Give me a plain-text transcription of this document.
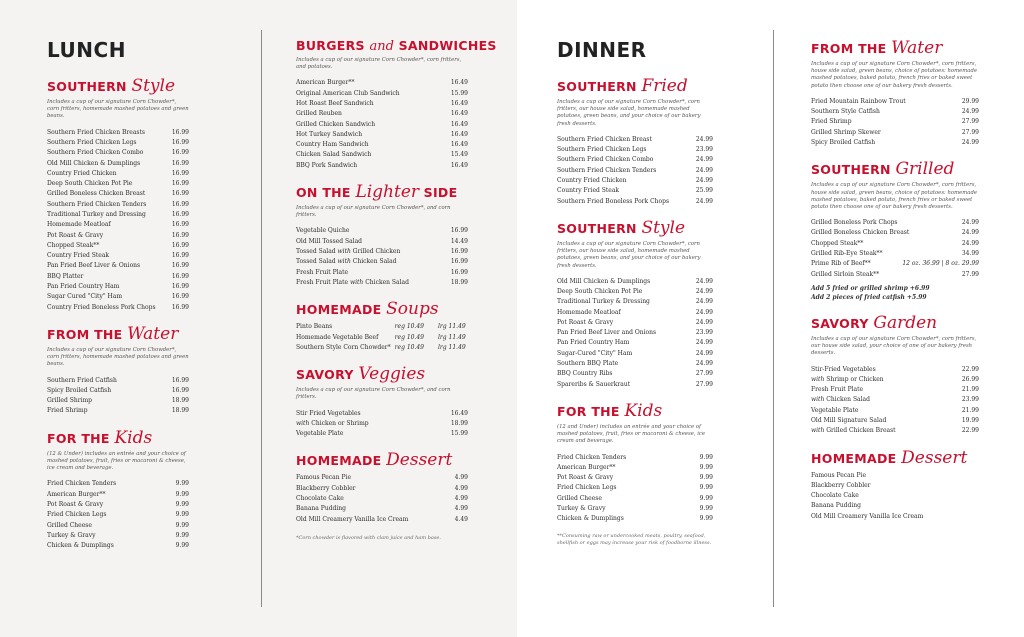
LUNCH
SOUTHERN Style
Includes a cup of our signature Corn Chowder*, corn fritters, homemade mashed potatoes and green beans.
Southern Fried Chicken Breasts	16.99
Southern Fried Chicken Legs	16.99
Southern Fried Chicken Combo	16.99
Old Mill Chicken & Dumplings	16.99
Country Fried Chicken	16.99
Deep South Chicken Pot Pie	16.99
Grilled Boneless Chicken Breast	16.99
Southern Fried Chicken Tenders	16.99
Traditional Turkey and Dressing	16.99
Homemade Meatloaf	16.99
Pot Roast & Gravy	16.99
Chopped Steak**	16.99
Country Fried Steak	16.99
Pan Fried Beef Liver & Onions	16.99
BBQ Platter	16.99
Pan Fried Country Ham	16.99
Sugar Cured "City" Ham	16.99
Country Fried Boneless Pork Chops	16.99
FROM THE Water
Includes a cup of our signature Corn Chowder*, corn fritters, homemade mashed potatoes and green beans.
Southern Fried Catfish	16.99
Spicy Broiled Catfish	16.99
Grilled Shrimp	18.99
Fried Shrimp	18.99
FOR THE Kids
(12 & Under) includes an entrée and your choice of mashed potatoes, fruit, fries or macaroni & cheese, ice cream and beverage.
Fried Chicken Tenders	9.99
American Burger**	9.99
Pot Roast & Gravy	9.99
Fried Chicken Legs	9.99
Grilled Cheese	9.99
Turkey & Gravy	9.99
Chicken & Dumplings	9.99
BURGERS and SANDWICHES
Includes a cup of our signature Corn Chowder*, corn fritters, and potatoes.
American Burger**	16.49
Original American Club Sandwich	15.99
Hot Roast Beef Sandwich	16.49
Grilled Reuben	16.49
Grilled Chicken Sandwich	16.49
Hot Turkey Sandwich	16.49
Country Ham Sandwich	16.49
Chicken Salad Sandwich	15.49
BBQ Pork Sandwich	16.49
ON THE Lighter SIDE
Includes a cup of our signature Corn Chowder*, and corn fritters.
Vegetable Quiche	16.99
Old Mill Tossed Salad	14.49
Tossed Salad with Grilled Chicken	16.99
Tossed Salad with Chicken Salad	16.99
Fresh Fruit Plate	16.99
Fresh Fruit Plate with Chicken Salad	18.99
HOMEMADE Soups
Pinto Beans	reg 10.49 lrg 11.49
Homemade Vegetable Beef	reg 10.49 lrg 11.49
Southern Style Corn Chowder* reg 10.49 lrg 11.49
SAVORY Veggies
Includes a cup of our signature Corn Chowder*, and corn fritters.
Stir Fried Vegetables	16.49
with Chicken or Shrimp	18.99
Vegetable Plate	15.99
HOMEMADE Dessert
Famous Pecan Pie	4.99
Blackberry Cobbler	4.99
Chocolate Cake	4.99
Banana Pudding	4.99
Old Mill Creamery Vanilla Ice Cream	4.49
*Corn chowder is flavored with clam juice and ham base.
DINNER
SOUTHERN Fried
Includes a cup of our signature Corn Chowder*, corn fritters, our house side salad, homemade mashed potatoes, green beans, and your choice of our bakery fresh desserts.
Southern Fried Chicken Breast	24.99
Southern Fried Chicken Legs	23.99
Southern Fried Chicken Combo	24.99
Southern Fried Chicken Tenders	24.99
Country Fried Chicken	24.99
Country Fried Steak	25.99
Southern Fried Boneless Pork Chops	24.99
SOUTHERN Style
Includes a cup of our signature Corn Chowder*, corn fritters, our house side salad, homemade mashed potatoes, green beans, and your choice of our bakery fresh desserts.
Old Mill Chicken & Dumplings	24.99
Deep South Chicken Pot Pie	24.99
Traditional Turkey & Dressing	24.99
Homemade Meatloaf	24.99
Pot Roast & Gravy	24.99
Pan Fried Beef Liver and Onions	23.99
Pan Fried Country Ham	24.99
Sugar-Cured "City" Ham	24.99
Southern BBQ Plate	24.99
BBQ Country Ribs	27.99
Spareribs & Sauerkraut	27.99
FOR THE Kids
(12 and Under) includes an entrée and your choice of mashed potatoes, fruit, fries or macaroni & cheese, ice cream and beverage.
Fried Chicken Tenders	9.99
American Burger**	9.99
Pot Roast & Gravy	9.99
Fried Chicken Legs	9.99
Grilled Cheese	9.99
Turkey & Gravy	9.99
Chicken & Dumplings	9.99
**Consuming raw or undercooked meats, poultry, seafood, shellfish or eggs may increase your risk of foodborne illness.
FROM THE Water
Includes a cup of our signature Corn Chowder*, corn fritters, house side salad, green beans, choice of potatoes: homemade mashed potatoes, baked potato, french fries or baked sweet potato then choose one of our bakery fresh desserts.
Fried Mountain Rainbow Trout	29.99
Southern Style Catfish	24.99
Fried Shrimp	27.99
Grilled Shrimp Skewer	27.99
Spicy Broiled Catfish	24.99
SOUTHERN Grilled
Includes a cup of our signature Corn Chowder*, corn fritters, house side salad, green beans, choice of potatoes: homemade mashed potatoes, baked potato, french fries or baked sweet potato then choose one of our bakery fresh desserts.
Grilled Boneless Pork Chops	24.99
Grilled Boneless Chicken Breast	24.99
Chopped Steak**	24.99
Grilled Rib-Eye Steak**	34.99
Prime Rib of Beef**	12 oz. 36.99 | 8 oz. 29.99
Grilled Sirloin Steak**	27.99
Add 5 fried or grilled shrimp +6.99
Add 2 pieces of fried catfish +5.99
SAVORY Garden
Includes a cup of our signature Corn Chowder*, corn fritters, our house side salad, your choice of one of our bakery fresh desserts.
Stir-Fried Vegetables	22.99
with Shrimp or Chicken	26.99
Fresh Fruit Plate	21.99
with Chicken Salad	23.99
Vegetable Plate	21.99
Old Mill Signature Salad	19.99
with Grilled Chicken Breast	22.99
HOMEMADE Dessert
Famous Pecan Pie
Blackberry Cobbler
Chocolate Cake
Banana Pudding
Old Mill Creamery Vanilla Ice Cream
